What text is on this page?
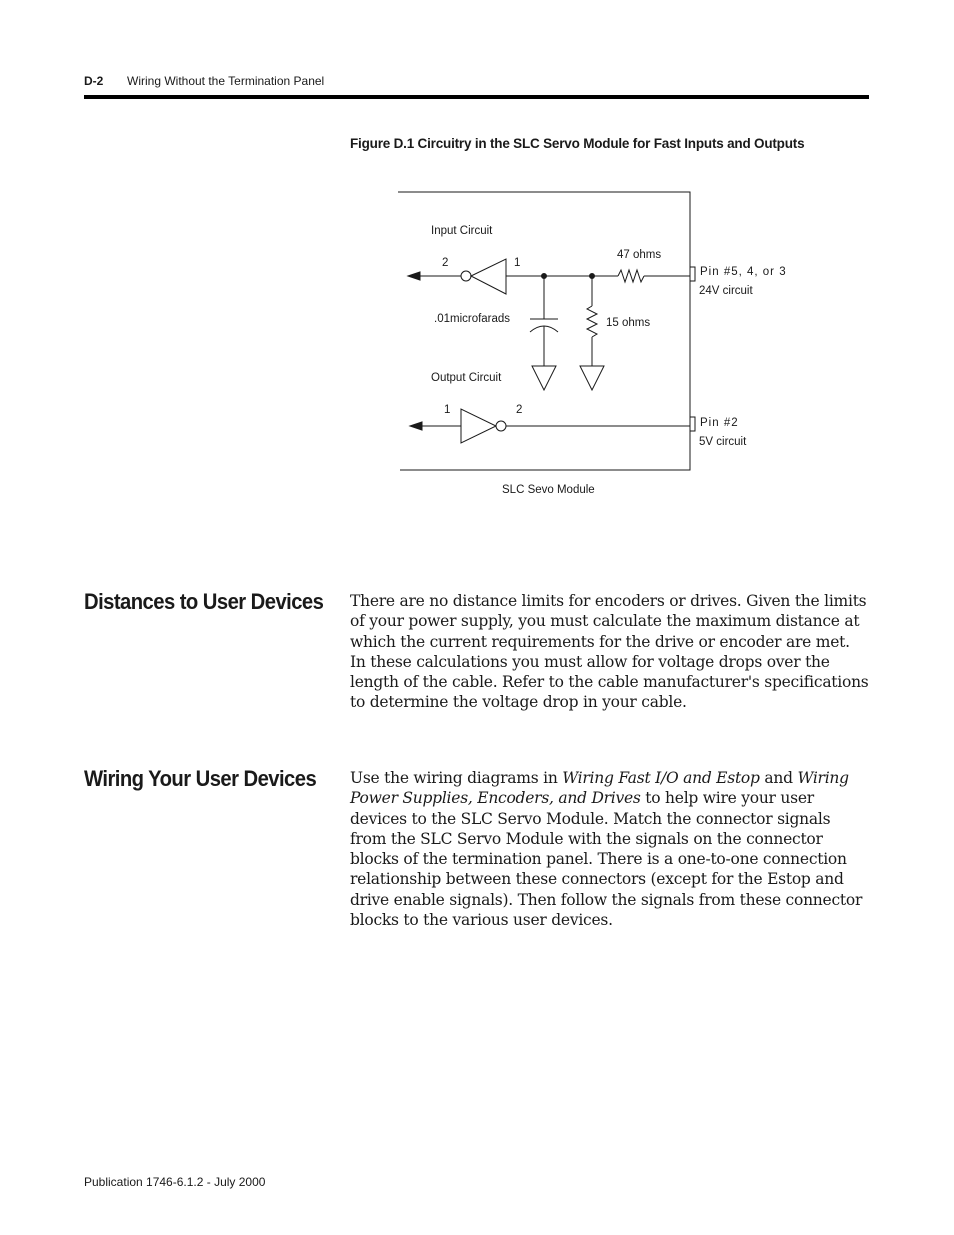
D-2 Wiring Without the Termination Panel
Figure D.1 Circuitry in the SLC Servo Module for Fast Inputs and Outputs
Input Circuit
2	1
47 ohms
Pin #5, 4, or 3
24V circuit
.01microfarads	15 ohms
Output Circuit
1	2
Pin #2
5V circuit
SLC Sevo Module
Distances to User Devices There are no distance limits for encoders or drives. Given the limits of your power supply, you must calculate the maximum distance at which the current requirements for the drive or encoder are met. In these calculations you must allow for voltage drops over the length of the cable. Refer to the cable manufacturer's specifications to determine the voltage drop in your cable.
Wiring Your User Devices Use the wiring diagrams in Wiring Fast I/O and Estop and Wiring Power Supplies, Encoders, and Drives to help wire your user devices to the SLC Servo Module. Match the connector signals from the SLC Servo Module with the signals on the connector blocks of the termination panel. There is a one-to-one connection relationship between these connectors (except for the Estop and drive enable signals). Then follow the signals from these connector blocks to the various user devices.
Publication 1746-6.1.2 - July 2000
